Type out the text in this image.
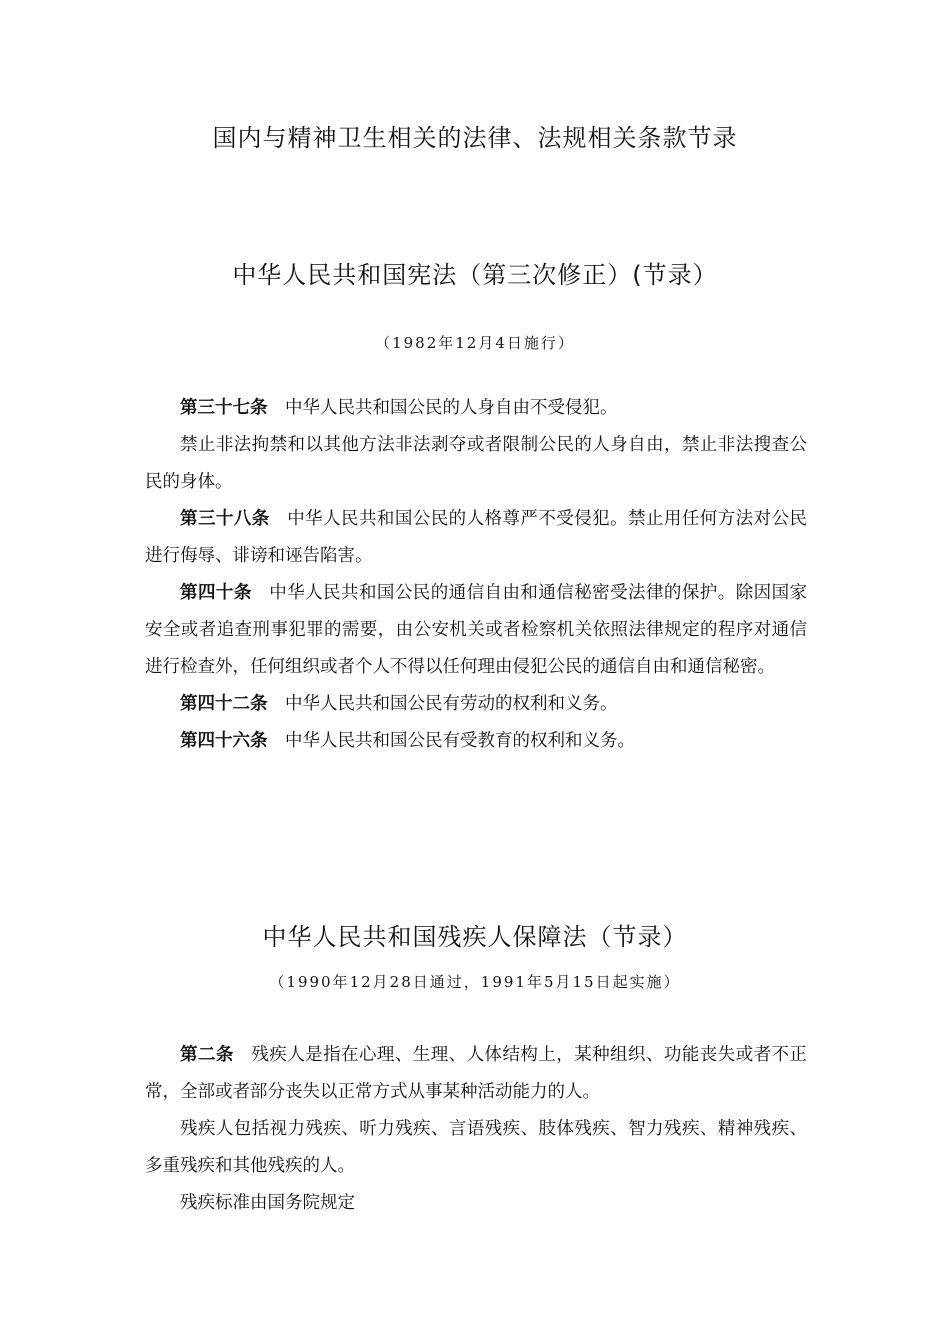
国内与精神卫生相关的法律、法规相关条款节录
中华人民共和国宪法（第三次修正）(节录）

（1982年12月4日施行）

第三十七条 中华人民共和国公民的人身自由不受侵犯。

禁止非法拘禁和以其他方法非法剥夺或者限制公民的人身自由，禁止非法搜查公民的身体。

第三十八条 中华人民共和国公民的人格尊严不受侵犯。禁止用任何方法对公民进行侮辱、诽谤和诬告陷害。

第四十条 中华人民共和国公民的通信自由和通信秘密受法律的保护。除因国家安全或者追查刑事犯罪的需要，由公安机关或者检察机关依照法律规定的程序对通信进行检查外，任何组织或者个人不得以任何理由侵犯公民的通信自由和通信秘密。

第四十二条 中华人民共和国公民有劳动的权利和义务。

第四十六条 中华人民共和国公民有受教育的权利和义务。

中华人民共和国残疾人保障法（节录）

（1990年12月28日通过，1991年5月15日起实施）

第二条 残疾人是指在心理、生理、人体结构上，某种组织、功能丧失或者不正常，全部或者部分丧失以正常方式从事某种活动能力的人。

残疾人包括视力残疾、听力残疾、言语残疾、肢体残疾、智力残疾、精神残疾、多重残疾和其他残疾的人。

残疾标准由国务院规定
